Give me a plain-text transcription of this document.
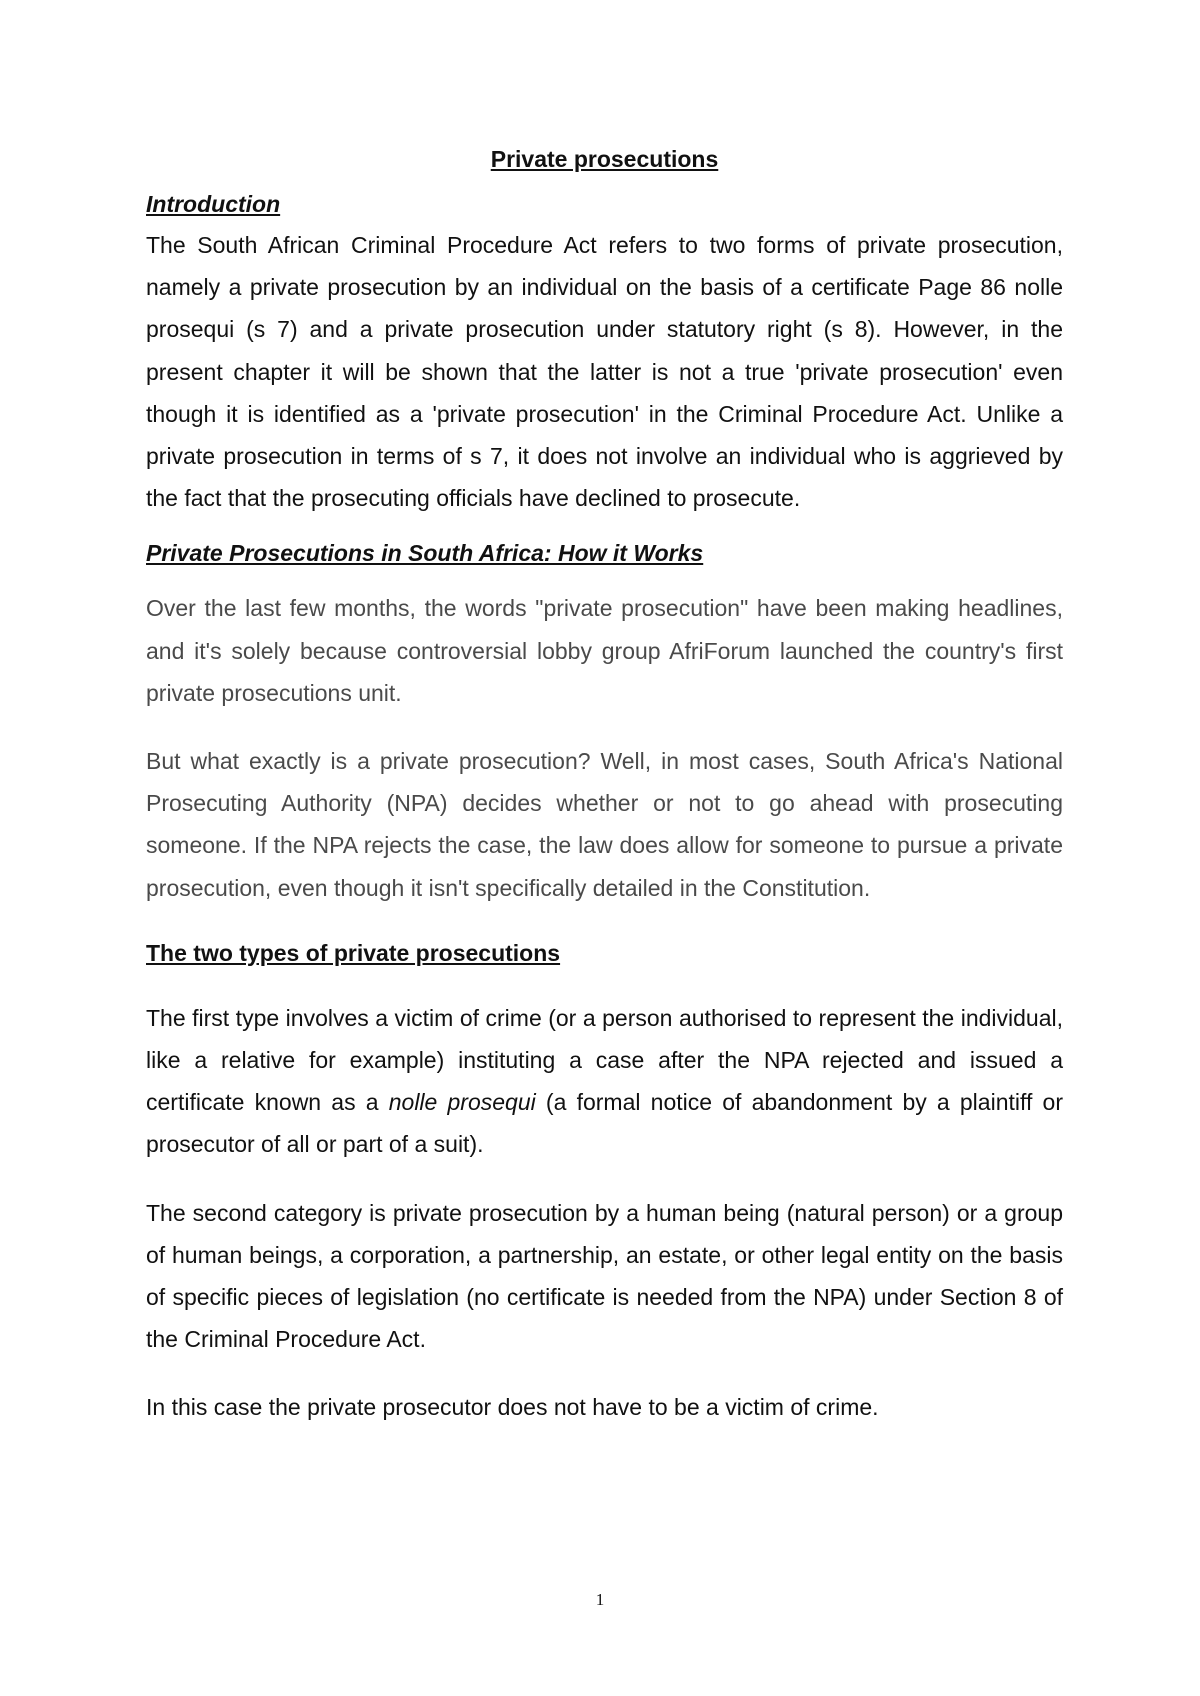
Private prosecutions
Introduction

The South African Criminal Procedure Act refers to two forms of private prosecution, namely a private prosecution by an individual on the basis of a certificate Page 86 nolle prosequi (s 7) and a private prosecution under statutory right (s 8). However, in the present chapter it will be shown that the latter is not a true 'private prosecution' even though it is identified as a 'private prosecution' in the Criminal Procedure Act. Unlike a private prosecution in terms of s 7, it does not involve an individual who is aggrieved by the fact that the prosecuting officials have declined to prosecute.

Private Prosecutions in South Africa: How it Works

Over the last few months, the words "private prosecution" have been making headlines, and it's solely because controversial lobby group AfriForum launched the country's first private prosecutions unit.

But what exactly is a private prosecution? Well, in most cases, South Africa's National Prosecuting Authority (NPA) decides whether or not to go ahead with prosecuting someone. If the NPA rejects the case, the law does allow for someone to pursue a private prosecution, even though it isn't specifically detailed in the Constitution.

The two types of private prosecutions

The first type involves a victim of crime (or a person authorised to represent the individual, like a relative for example) instituting a case after the NPA rejected and issued a certificate known as a nolle prosequi (a formal notice of abandonment by a plaintiff or prosecutor of all or part of a suit).

The second category is private prosecution by a human being (natural person) or a group of human beings, a corporation, a partnership, an estate, or other legal entity on the basis of specific pieces of legislation (no certificate is needed from the NPA) under Section 8 of the Criminal Procedure Act.

In this case the private prosecutor does not have to be a victim of crime.

1
